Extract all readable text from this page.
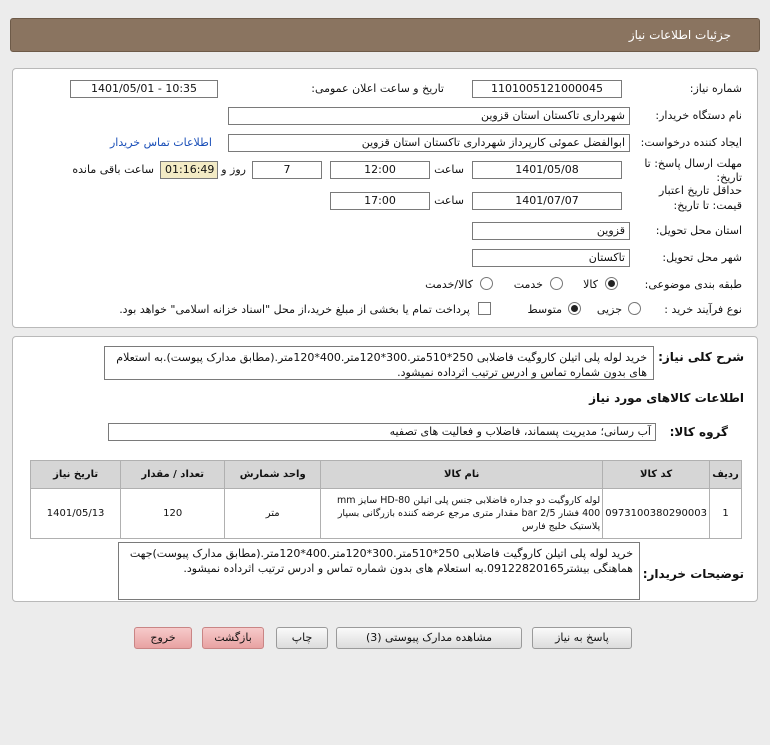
جزئیات اطلاعات نیاز
شماره نیاز:
1101005121000045
تاریخ و ساعت اعلان عمومی:
1401/05/01 - 10:35
نام دستگاه خریدار:
شهرداری تاکستان استان قزوین
ایجاد کننده درخواست:
ابوالفضل عموئی کارپرداز شهرداری تاکستان استان قزوین
اطلاعات تماس خریدار
مهلت ارسال پاسخ: تا تاریخ:
1401/05/08
ساعت
12:00
7
روز و
01:16:49
ساعت باقی مانده
حداقل تاریخ اعتبار
قیمت: تا تاریخ:
1401/07/07
ساعت
17:00
استان محل تحویل:
قزوین
شهر محل تحویل:
تاکستان
طبقه بندی موضوعی:
کالا
خدمت
کالا/خدمت
نوع فرآیند خرید :
جزیی
متوسط
پرداخت تمام یا بخشی از مبلغ خرید،از محل "اسناد خزانه اسلامی" خواهد بود.
شرح کلی نیاز:
خرید لوله پلی اتیلن کاروگیت فاضلابی 250*510متر.300*120متر.400*120متر.(مطابق مدارک پیوست).به استعلام های بدون شماره تماس و ادرس ترتیب اثرداده نمیشود.
اطلاعات کالاهای مورد نیاز
گروه کالا:
آب رسانی؛ مدیریت پسماند، فاضلاب و فعالیت های تصفیه
ردیف	کد کالا	نام کالا	واحد شمارش	تعداد / مقدار	تاریخ نیاز
1	0973100380290003	لوله کاروگیت دو جداره فاضلابی جنس پلی اتیلن HD-80 سایز mm 400 فشار bar 2/5 مقدار متری مرجع عرضه کننده بازرگانی بسپار پلاستیک خلیج فارس	متر	120	1401/05/13
توضیحات خریدار:
خرید لوله پلی اتیلن کاروگیت فاضلابی 250*510متر.300*120متر.400*120متر.(مطابق مدارک پیوست)جهت هماهنگی بیشتر09122820165.به استعلام های بدون شماره تماس و ادرس ترتیب اثرداده نمیشود.
پاسخ به نیاز
مشاهده مدارک پیوستی (3)
چاپ
بازگشت
خروج
